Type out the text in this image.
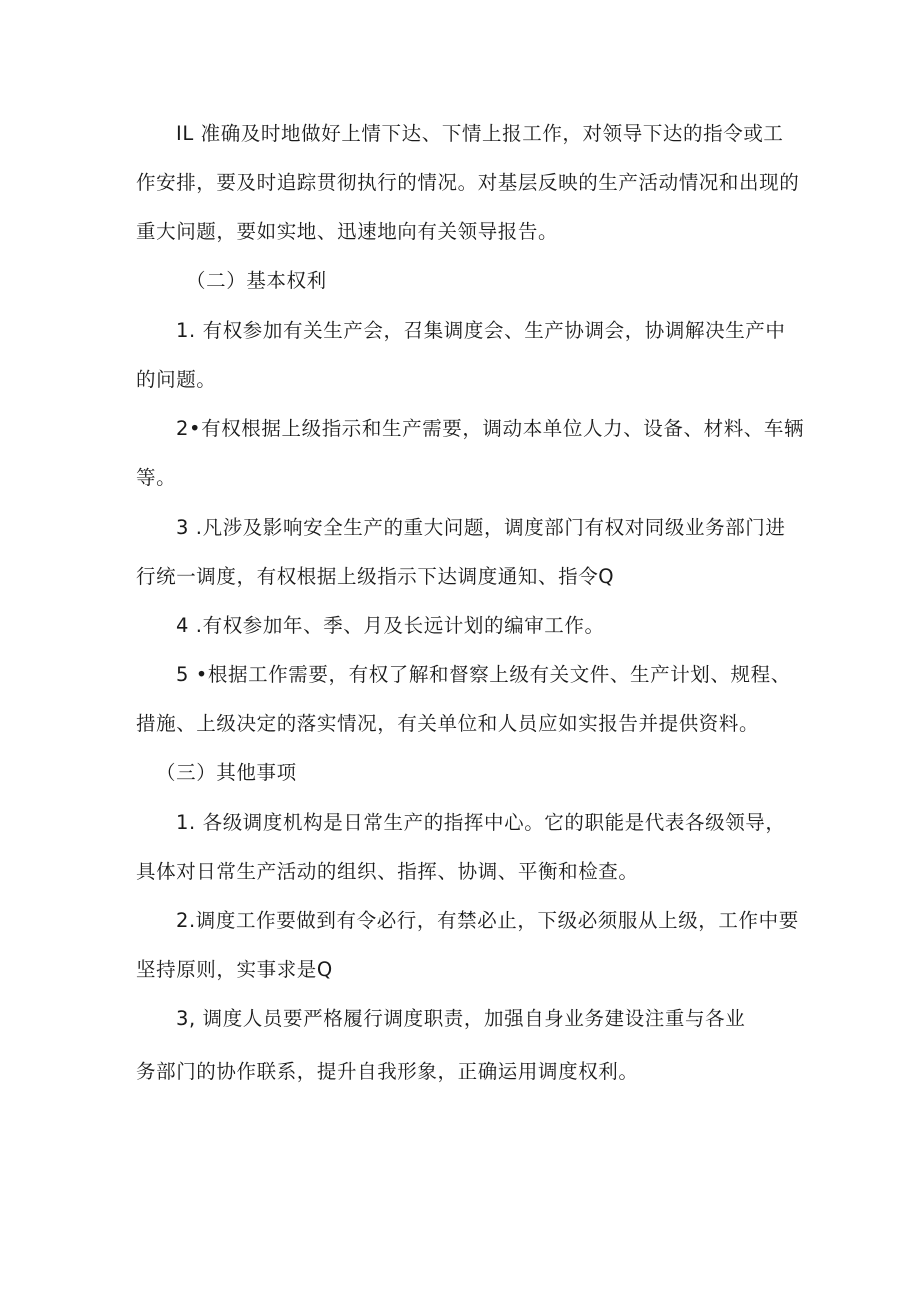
IL 准确及时地做好上情下达、下情上报工作，对领导下达的指令或工
作安排，要及时追踪贯彻执行的情况。对基层反映的生产活动情况和出现的
重大问题，要如实地、迅速地向有关领导报告。
（二）基本权利
1. 有权参加有关生产会，召集调度会、生产协调会，协调解决生产中
的问题。
2•有权根据上级指示和生产需要，调动本单位人力、设备、材料、车辆
等。
3 .凡涉及影响安全生产的重大问题，调度部门有权对同级业务部门进
行统一调度，有权根据上级指示下达调度通知、指令Q
4 .有权参加年、季、月及长远计划的编审工作。
5 •根据工作需要，有权了解和督察上级有关文件、生产计划、规程、
措施、上级决定的落实情况，有关单位和人员应如实报告并提供资料。
（三）其他事项
1. 各级调度机构是日常生产的指挥中心。它的职能是代表各级领导，
具体对日常生产活动的组织、指挥、协调、平衡和检查。
2.调度工作要做到有令必行，有禁必止，下级必须服从上级，工作中要
坚持原则，实事求是Q
3, 调度人员要严格履行调度职责，加强自身业务建设注重与各业
务部门的协作联系，提升自我形象，正确运用调度权利。
